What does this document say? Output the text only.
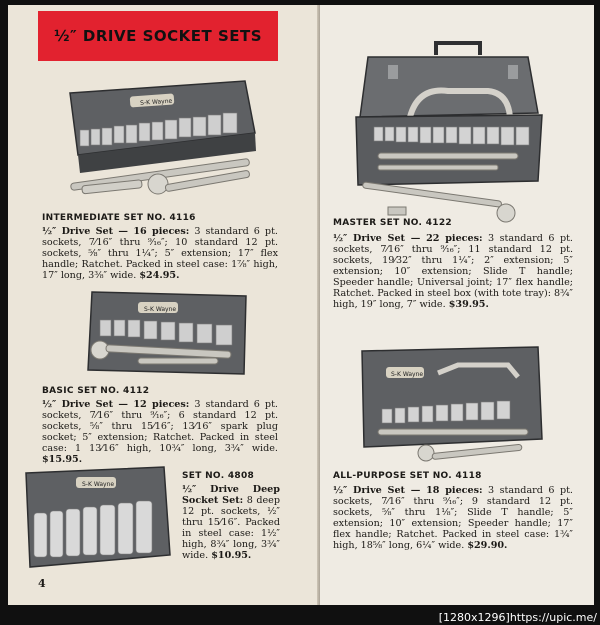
½″ DRIVE SOCKET SETS
S-K Wayne
INTERMEDIATE SET NO. 4116
½″ Drive Set — 16 pieces: 3 standard 6 pt. sockets, 7⁄16″ thru ⁹⁄₁₆″; 10 standard 12 pt. sockets, ⁵⁄₈″ thru 1¼″; 5″ extension; 17″ flex handle; Ratchet. Packed in steel case: 1⅞″ high, 17″ long, 3⅜″ wide. $24.95.
S-K Wayne
BASIC SET NO. 4112
½″ Drive Set — 12 pieces: 3 standard 6 pt. sockets, 7⁄16″ thru ⁹⁄₁₆″; 6 standard 12 pt. sockets, ⅝″ thru 15⁄16″; 13⁄16″ spark plug socket; 5″ extension; Ratchet. Packed in steel case: 1 13⁄16″ high, 10¾″ long, 3¾″ wide. $15.95.
S-K Wayne
SET NO. 4808
½″ Drive Deep Socket Set: 8 deep 12 pt. sockets, ½″ thru 15⁄16″. Packed in steel case: 1½″ high, 8¾″ long, 3¾″ wide. $10.95.
4
MASTER SET NO. 4122
½″ Drive Set — 22 pieces: 3 standard 6 pt. sockets, 7⁄16″ thru ⁹⁄₁₆″; 11 standard 12 pt. sockets, 19⁄32″ thru 1¼″; 2″ extension; 5″ extension; 10″ extension; Slide T handle; Speeder handle; Universal joint; 17″ flex handle; Ratchet. Packed in steel box (with tote tray): 8¾″ high, 19″ long, 7″ wide. $39.95.
S-K Wayne
ALL-PURPOSE SET NO. 4118
½″ Drive Set — 18 pieces: 3 standard 6 pt. sockets, 7⁄16″ thru ⁹⁄₁₆″; 9 standard 12 pt. sockets, ⅝″ thru 1⅛″; Slide T handle; 5″ extension; 10″ extension; Speeder handle; 17″ flex handle; Ratchet. Packed in steel case: 1¾″ high, 18⅝″ long, 6¼″ wide. $29.90.
[1280x1296]https://upic.me/
